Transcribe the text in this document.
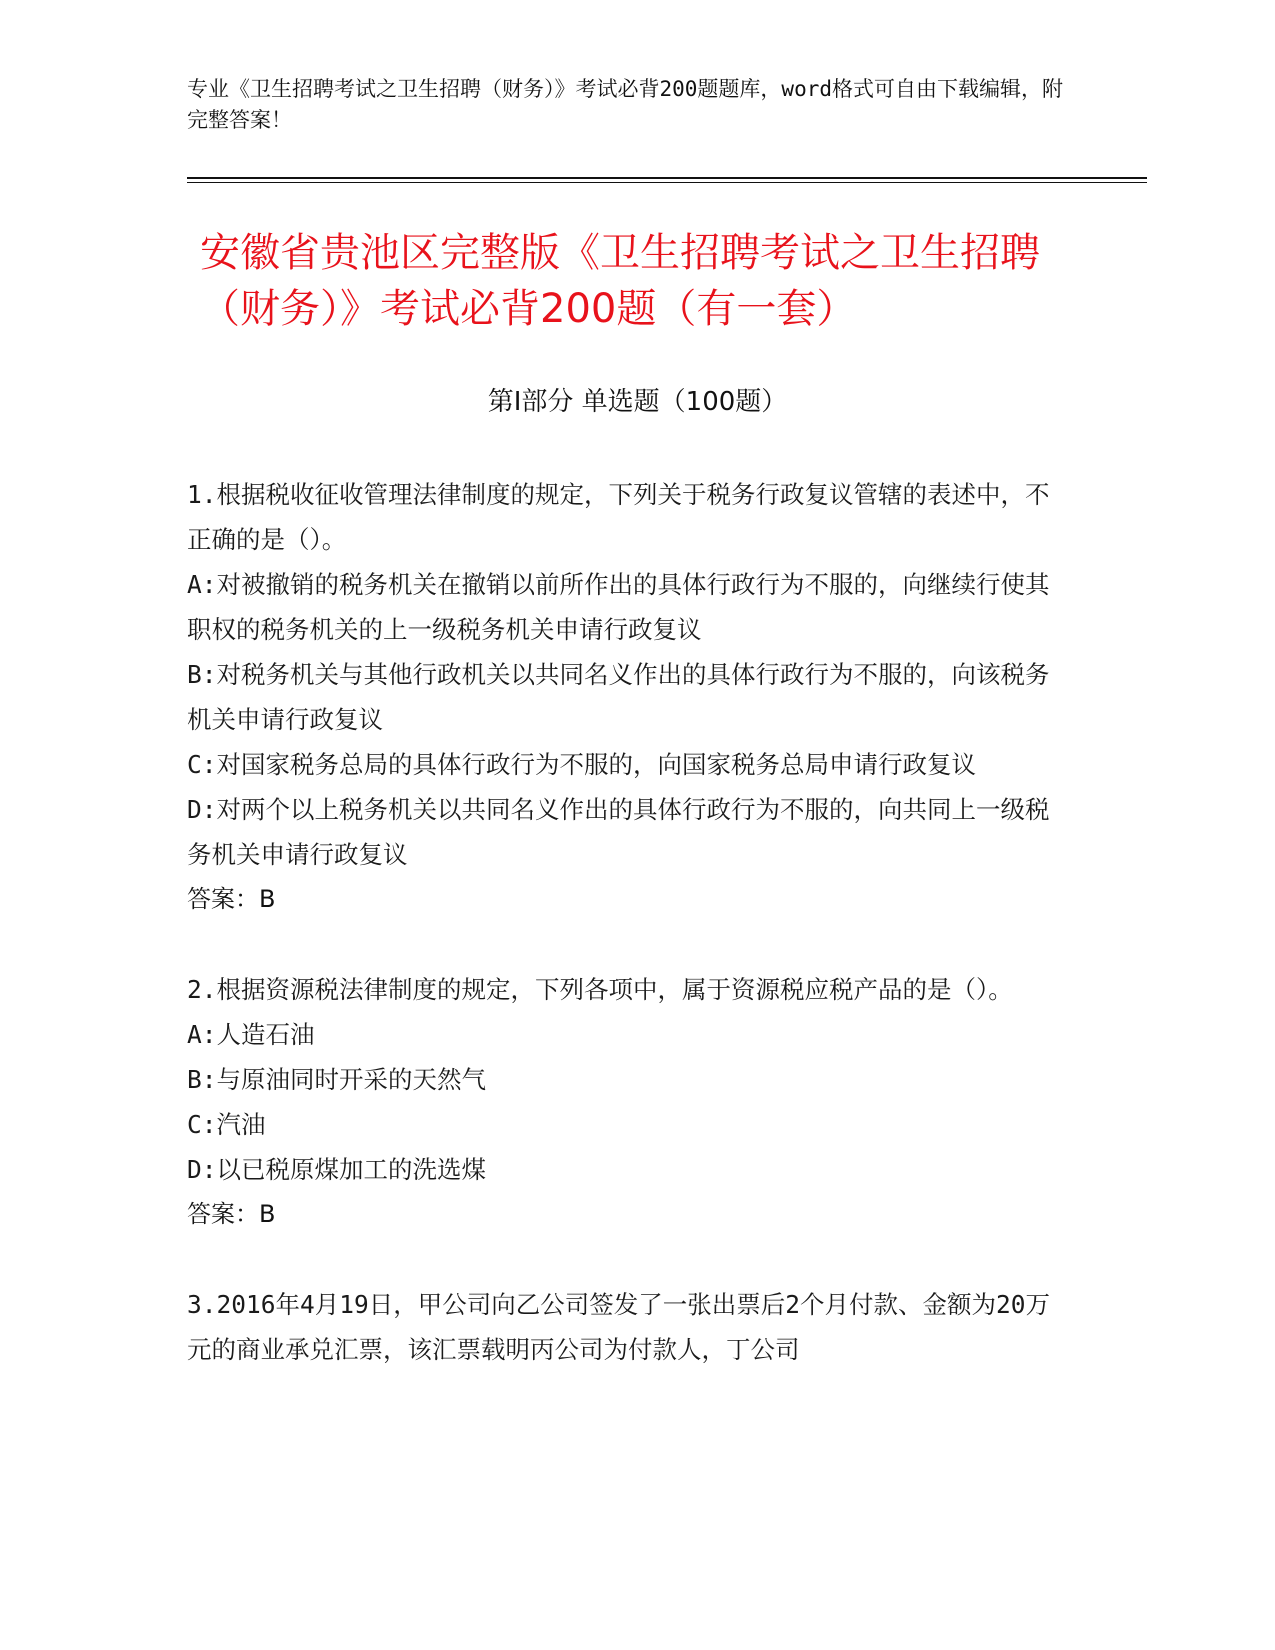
专业《卫生招聘考试之卫生招聘（财务）》考试必背200题题库，word格式可自由下载编辑，附完整答案！
安徽省贵池区完整版《卫生招聘考试之卫生招聘（财务）》考试必背200题（有一套）
第Ⅰ部分 单选题（100题）

1.根据税收征收管理法律制度的规定，下列关于税务行政复议管辖的表述中，不正确的是（）。

A:对被撤销的税务机关在撤销以前所作出的具体行政行为不服的，向继续行使其职权的税务机关的上一级税务机关申请行政复议

B:对税务机关与其他行政机关以共同名义作出的具体行政行为不服的，向该税务机关申请行政复议

C:对国家税务总局的具体行政行为不服的，向国家税务总局申请行政复议

D:对两个以上税务机关以共同名义作出的具体行政行为不服的，向共同上一级税务机关申请行政复议

答案：B

2.根据资源税法律制度的规定，下列各项中，属于资源税应税产品的是（）。

A:人造石油

B:与原油同时开采的天然气

C:汽油

D:以已税原煤加工的洗选煤

答案：B

3.2016年4月19日，甲公司向乙公司签发了一张出票后2个月付款、金额为20万元的商业承兑汇票，该汇票载明丙公司为付款人，丁公司
